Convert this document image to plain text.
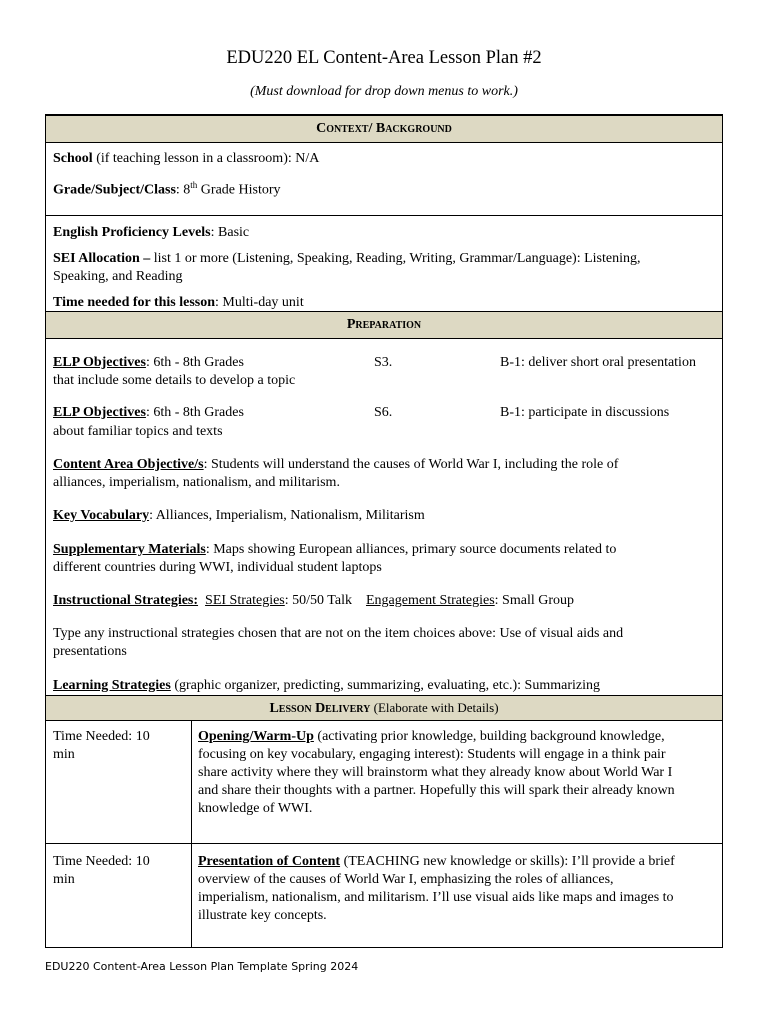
EDU220 EL Content-Area Lesson Plan #2
(Must download for drop down menus to work.)
Context/ Background
School (if teaching lesson in a classroom): N/A
Grade/Subject/Class: 8th Grade History
English Proficiency Levels: Basic
SEI Allocation – list 1 or more (Listening, Speaking, Reading, Writing, Grammar/Language): Listening,
Speaking, and Reading
Time needed for this lesson: Multi-day unit
Preparation
ELP Objectives: 6th - 8th Grades	S3.	B-1: deliver short oral presentation
that include some details to develop a topic
ELP Objectives: 6th - 8th Grades	S6.	B-1: participate in discussions
about familiar topics and texts
Content Area Objective/s: Students will understand the causes of World War I, including the role of
alliances, imperialism, nationalism, and militarism.
Key Vocabulary: Alliances, Imperialism, Nationalism, Militarism
Supplementary Materials: Maps showing European alliances, primary source documents related to
different countries during WWI, individual student laptops
Instructional Strategies: SEI Strategies: 50/50 Talk Engagement Strategies: Small Group
Type any instructional strategies chosen that are not on the item choices above: Use of visual aids and
presentations
Learning Strategies (graphic organizer, predicting, summarizing, evaluating, etc.): Summarizing
Lesson Delivery (Elaborate with Details)
Time Needed: 10
min
Opening/Warm-Up (activating prior knowledge, building background knowledge,
focusing on key vocabulary, engaging interest): Students will engage in a think pair
share activity where they will brainstorm what they already know about World War I
and share their thoughts with a partner. Hopefully this will spark their already known
knowledge of WWI.
Time Needed: 10
min
Presentation of Content (TEACHING new knowledge or skills): I’ll provide a brief
overview of the causes of World War I, emphasizing the roles of alliances,
imperialism, nationalism, and militarism. I’ll use visual aids like maps and images to
illustrate key concepts.
EDU220 Content-Area Lesson Plan Template Spring 2024
